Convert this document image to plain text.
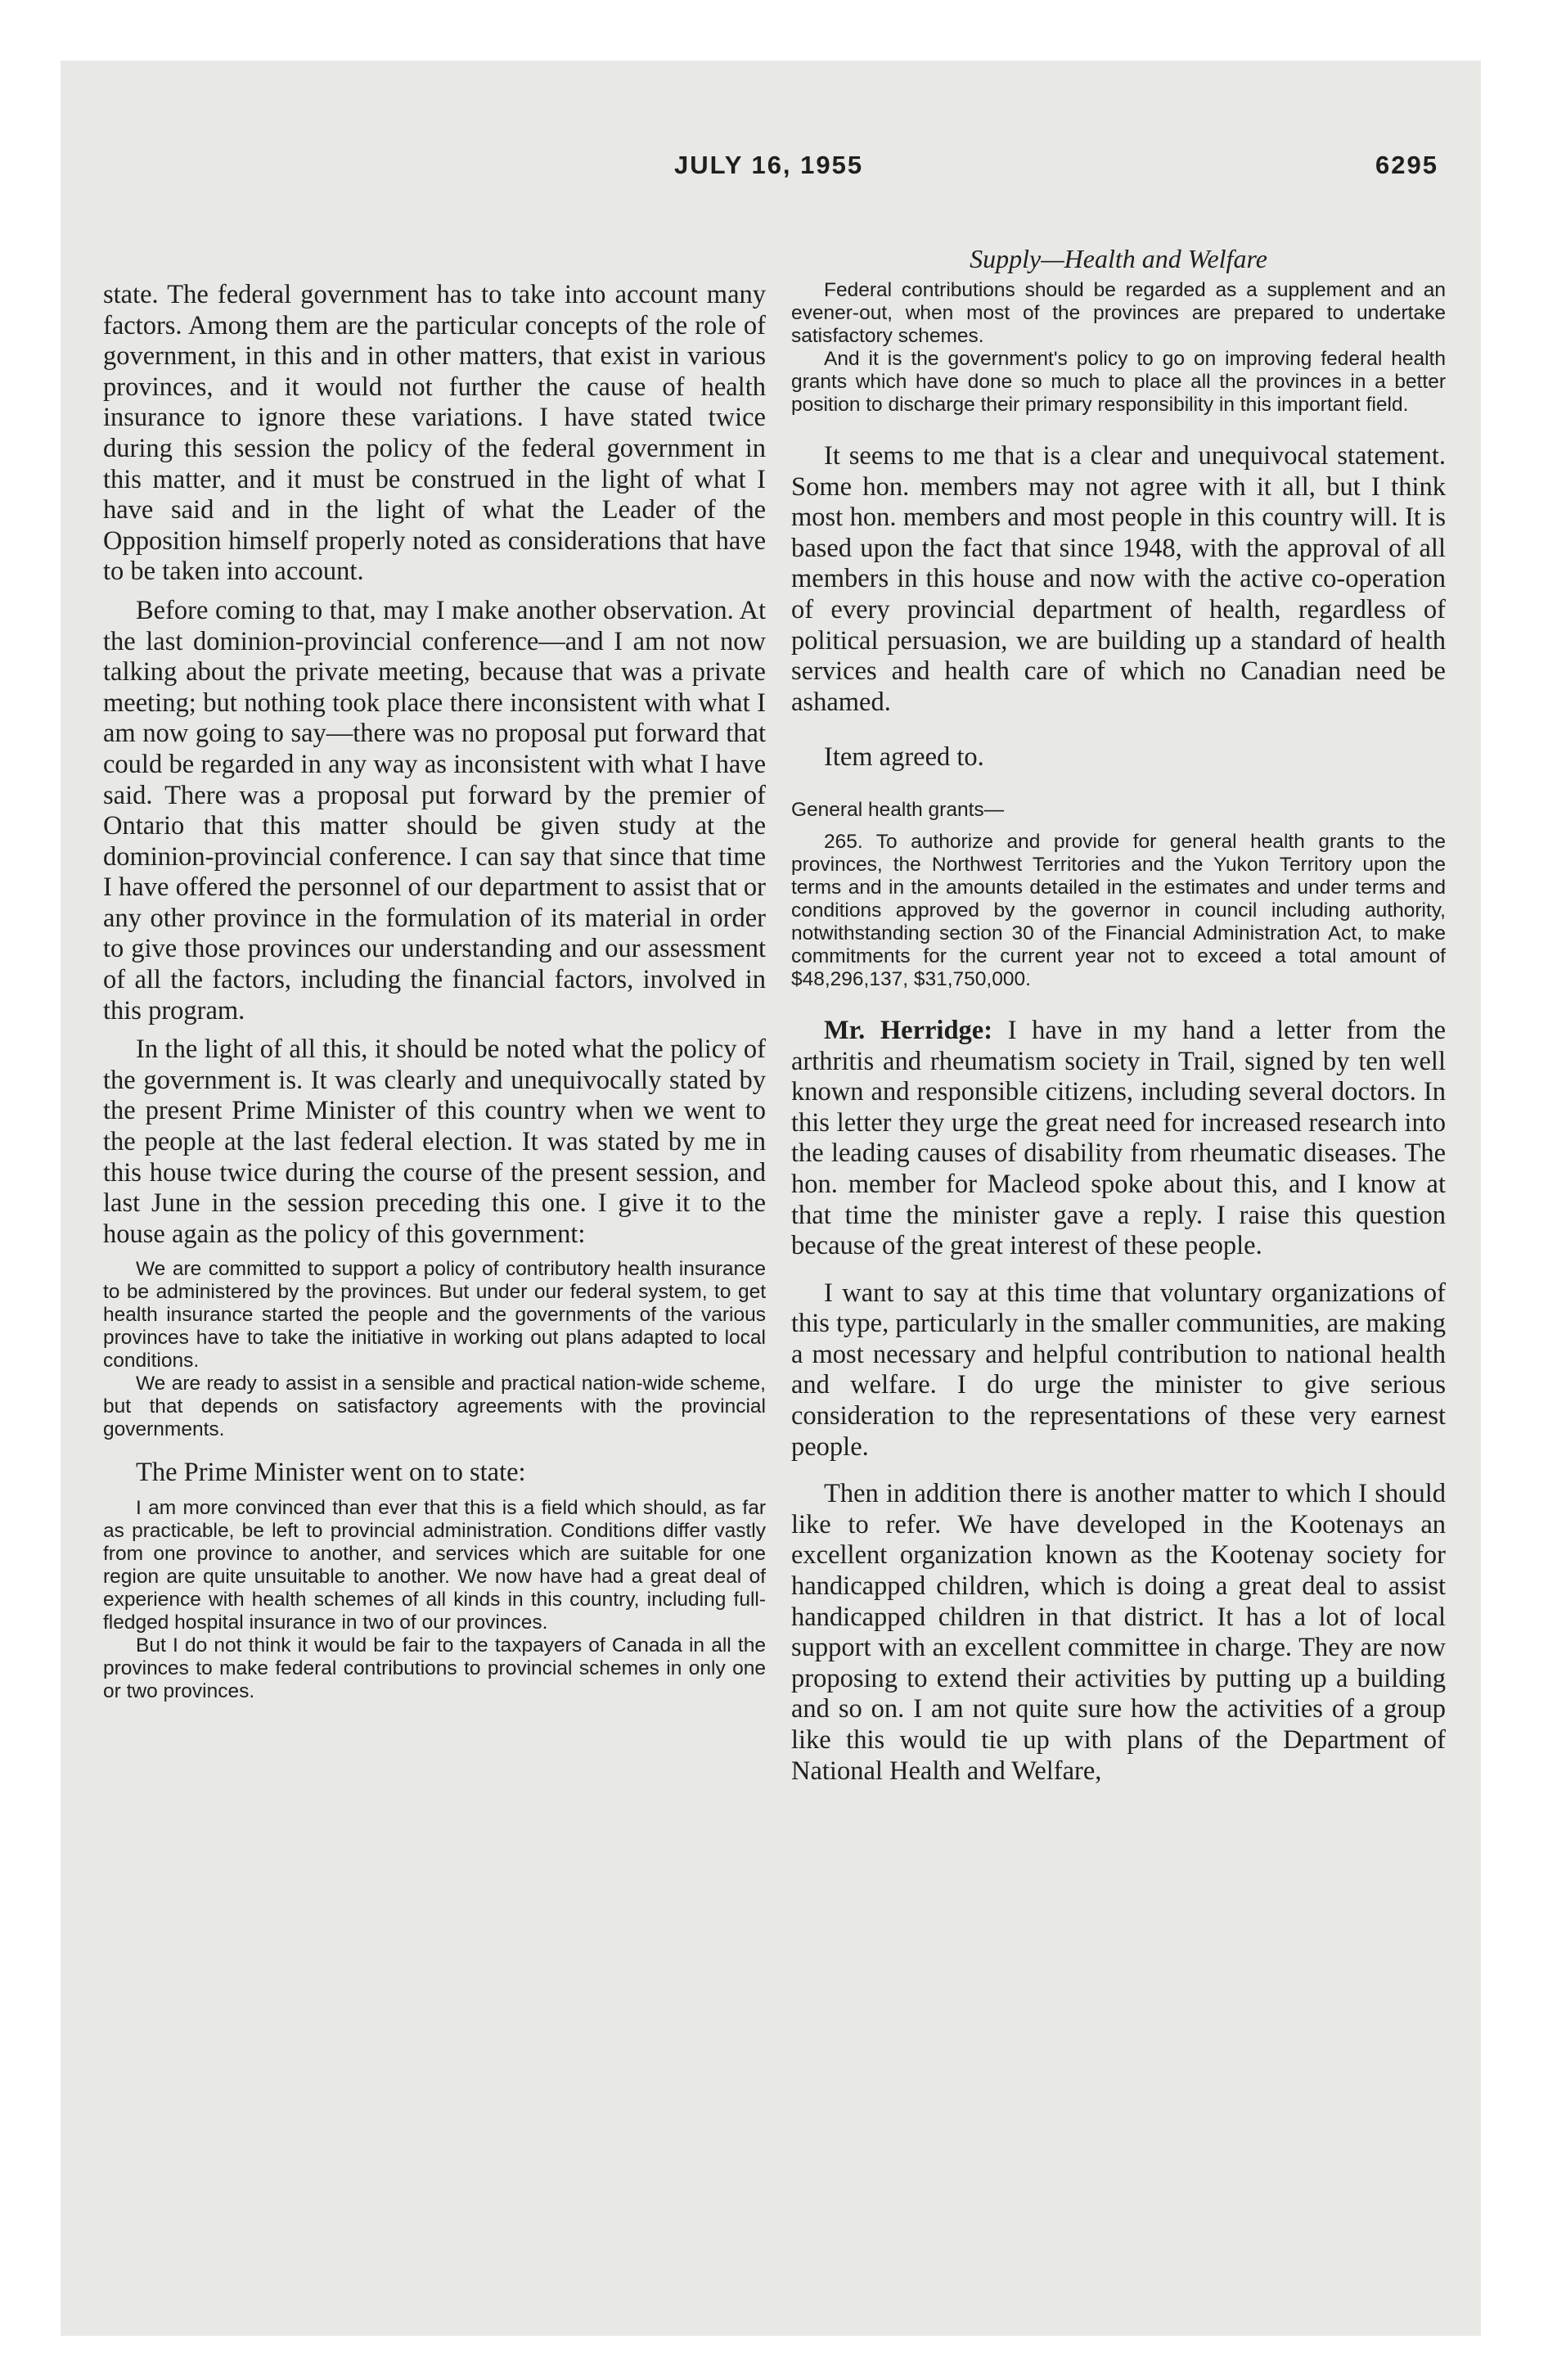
JULY 16, 1955	6295

state. The federal government has to take into account many factors. Among them are the particular concepts of the role of government, in this and in other matters, that exist in various provinces, and it would not further the cause of health insurance to ignore these variations. I have stated twice during this session the policy of the federal government in this matter, and it must be construed in the light of what I have said and in the light of what the Leader of the Opposition himself properly noted as considerations that have to be taken into account.

Before coming to that, may I make another observation. At the last dominion-provincial conference—and I am not now talking about the private meeting, because that was a private meeting; but nothing took place there inconsistent with what I am now going to say—there was no proposal put forward that could be regarded in any way as inconsistent with what I have said. There was a proposal put forward by the premier of Ontario that this matter should be given study at the dominion-provincial conference. I can say that since that time I have offered the personnel of our department to assist that or any other province in the formulation of its material in order to give those provinces our understanding and our assessment of all the factors, including the financial factors, involved in this program.

In the light of all this, it should be noted what the policy of the government is. It was clearly and unequivocally stated by the present Prime Minister of this country when we went to the people at the last federal election. It was stated by me in this house twice during the course of the present session, and last June in the session preceding this one. I give it to the house again as the policy of this government:

We are committed to support a policy of contributory health insurance to be administered by the provinces. But under our federal system, to get health insurance started the people and the governments of the various provinces have to take the initiative in working out plans adapted to local conditions.

We are ready to assist in a sensible and practical nation-wide scheme, but that depends on satisfactory agreements with the provincial governments.

The Prime Minister went on to state:

I am more convinced than ever that this is a field which should, as far as practicable, be left to provincial administration. Conditions differ vastly from one province to another, and services which are suitable for one region are quite unsuitable to another. We now have had a great deal of experience with health schemes of all kinds in this country, including full-fledged hospital insurance in two of our provinces.

But I do not think it would be fair to the taxpayers of Canada in all the provinces to make federal contributions to provincial schemes in only one or two provinces.

Supply—Health and Welfare

Federal contributions should be regarded as a supplement and an evener-out, when most of the provinces are prepared to undertake satisfactory schemes.

And it is the government's policy to go on improving federal health grants which have done so much to place all the provinces in a better position to discharge their primary responsibility in this important field.

It seems to me that is a clear and unequivocal statement. Some hon. members may not agree with it all, but I think most hon. members and most people in this country will. It is based upon the fact that since 1948, with the approval of all members in this house and now with the active co-operation of every provincial department of health, regardless of political persuasion, we are building up a standard of health services and health care of which no Canadian need be ashamed.

Item agreed to.

General health grants—

265. To authorize and provide for general health grants to the provinces, the Northwest Territories and the Yukon Territory upon the terms and in the amounts detailed in the estimates and under terms and conditions approved by the governor in council including authority, notwithstanding section 30 of the Financial Administration Act, to make commitments for the current year not to exceed a total amount of $48,296,137, $31,750,000.

Mr. Herridge: I have in my hand a letter from the arthritis and rheumatism society in Trail, signed by ten well known and responsible citizens, including several doctors. In this letter they urge the great need for increased research into the leading causes of disability from rheumatic diseases. The hon. member for Macleod spoke about this, and I know at that time the minister gave a reply. I raise this question because of the great interest of these people.

I want to say at this time that voluntary organizations of this type, particularly in the smaller communities, are making a most necessary and helpful contribution to national health and welfare. I do urge the minister to give serious consideration to the representations of these very earnest people.

Then in addition there is another matter to which I should like to refer. We have developed in the Kootenays an excellent organization known as the Kootenay society for handicapped children, which is doing a great deal to assist handicapped children in that district. It has a lot of local support with an excellent committee in charge. They are now proposing to extend their activities by putting up a building and so on. I am not quite sure how the activities of a group like this would tie up with plans of the Department of National Health and Welfare,
